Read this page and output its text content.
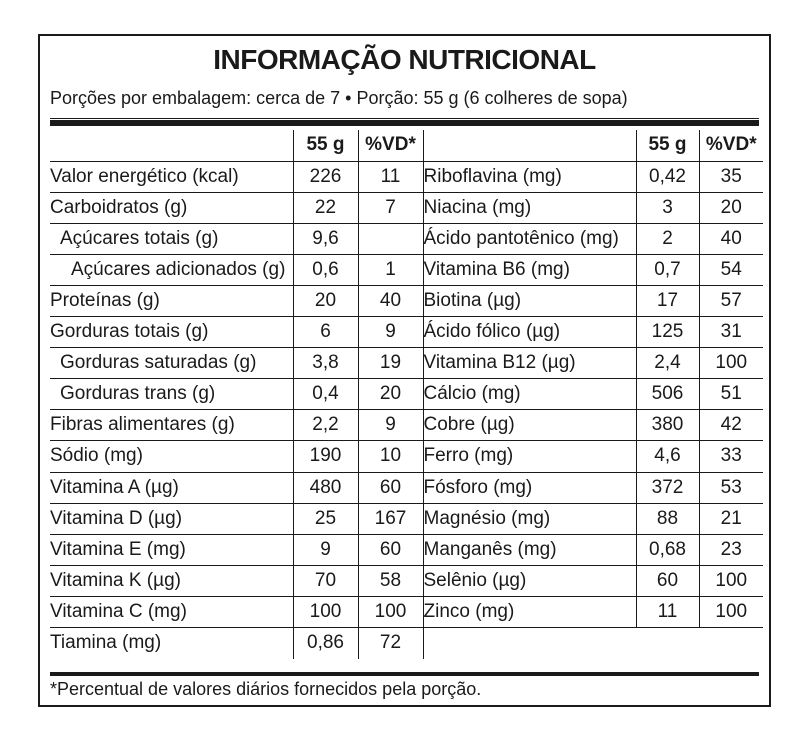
INFORMAÇÃO NUTRICIONAL
Porções por embalagem: cerca de 7 • Porção: 55 g (6 colheres de sopa)
	55 g	%VD*		55 g	%VD*
Valor energético (kcal)	226	11	Riboflavina (mg)	0,42	35
Carboidratos (g)	22	7	Niacina (mg)	3	20
Açúcares totais (g)	9,6		Ácido pantotênico (mg)	2	40
Açúcares adicionados (g)	0,6	1	Vitamina B6 (mg)	0,7	54
Proteínas (g)	20	40	Biotina (µg)	17	57
Gorduras totais (g)	6	9	Ácido fólico (µg)	125	31
Gorduras saturadas (g)	3,8	19	Vitamina B12 (µg)	2,4	100
Gorduras trans (g)	0,4	20	Cálcio (mg)	506	51
Fibras alimentares (g)	2,2	9	Cobre (µg)	380	42
Sódio (mg)	190	10	Ferro (mg)	4,6	33
Vitamina A (µg)	480	60	Fósforo (mg)	372	53
Vitamina D (µg)	25	167	Magnésio (mg)	88	21
Vitamina E (mg)	9	60	Manganês (mg)	0,68	23
Vitamina K (µg)	70	58	Selênio (µg)	60	100
Vitamina C (mg)	100	100	Zinco (mg)	11	100
Tiamina (mg)	0,86	72			
*Percentual de valores diários fornecidos pela porção.
